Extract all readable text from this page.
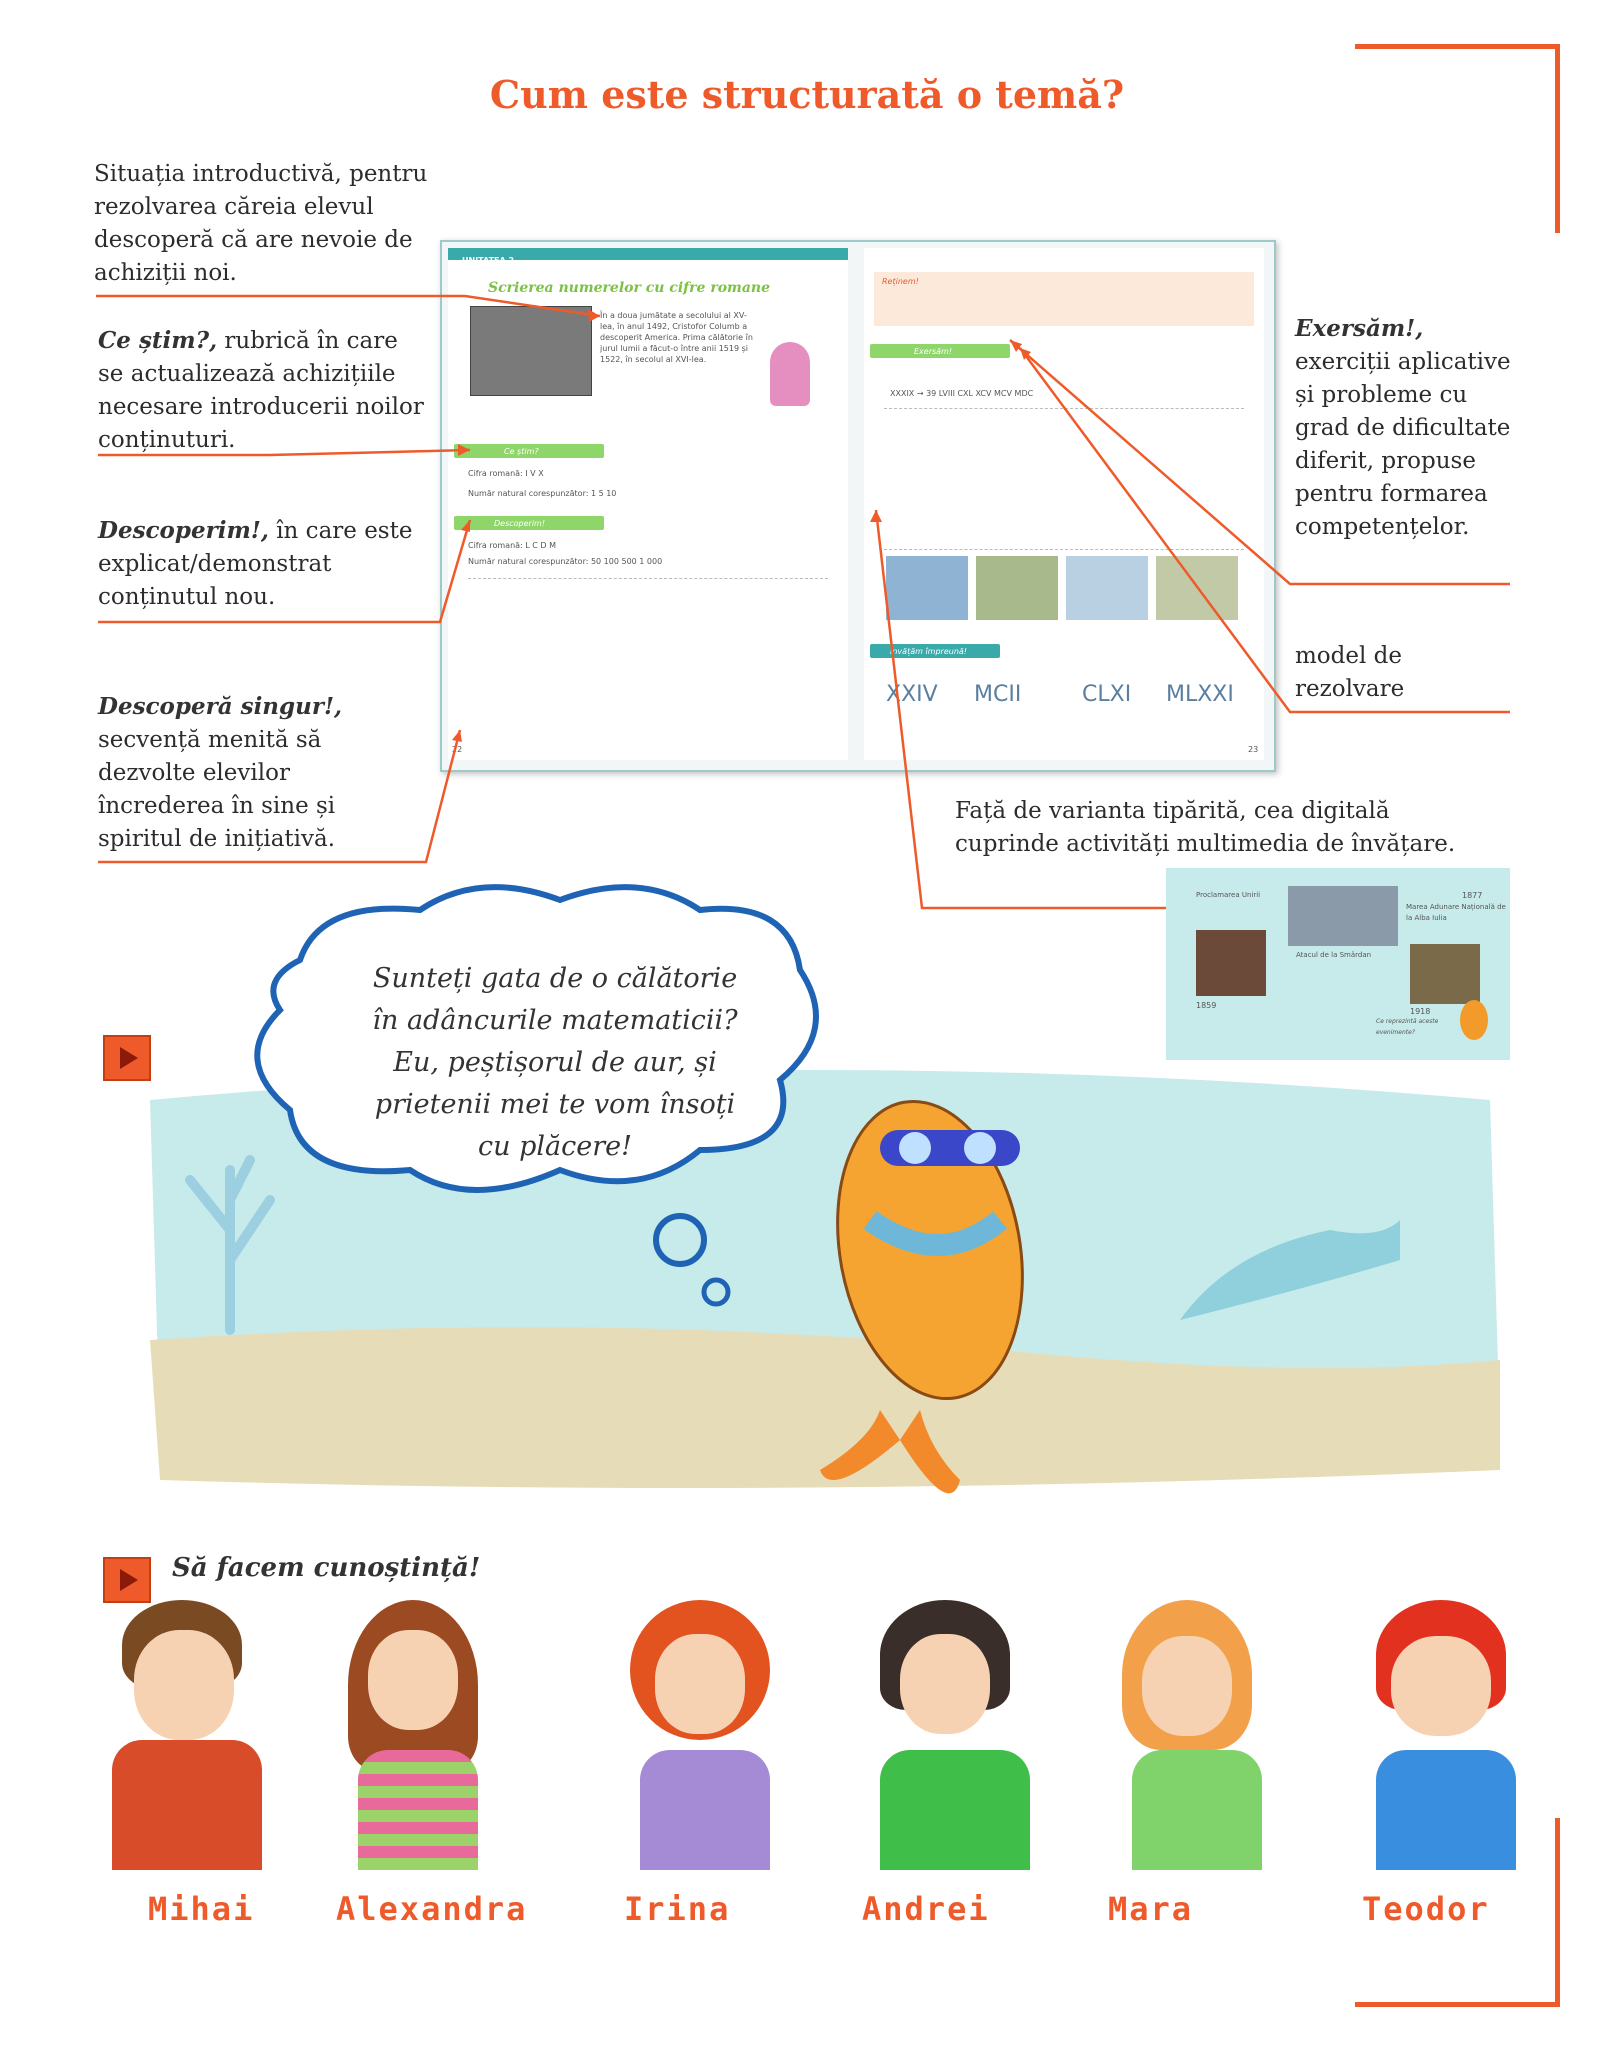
Cum este structurată o temă?
Situația introductivă, pentru rezolvarea căreia elevul descoperă că are nevoie de achiziții noi.
Ce știm?, rubrică în care se actualizează achizițiile necesare introducerii noilor conținuturi.
Descoperim!, în care este explicat/demonstrat conținutul nou.
Descoperă singur!, secvență menită să dezvolte elevilor încrederea în sine și spiritul de inițiativă.
Exersăm!, exerciții aplicative și probleme cu grad de dificultate diferit, propuse pentru formarea competențelor.
model de rezolvare
Față de varianta tipărită, cea digitală cuprinde activități multimedia de învățare.
UNITATEA 2
Scrierea numerelor cu cifre romane
În a doua jumătate a secolului al XV-lea, în anul 1492, Cristofor Columb a descoperit America. Prima călătorie în jurul lumii a făcut-o între anii 1519 și 1522, în secolul al XVI-lea.
Ce știm?
Cifra romană: I V X
Număr natural corespunzător: 1 5 10
Descoperim!
Cifra romană: L C D M
Număr natural corespunzător: 50 100 500 1 000
22
Reținem!
Exersăm!
XXXIX → 39 LVIII CXL XCV MCV MDC
Învățăm împreună!
XXIV MCII	CLXI MLXXI
23
Proclamarea Unirii
Marea Adunare Națională de la Alba Iulia
Atacul de la Smârdan
1859
1877
1918
Ce reprezintă aceste evenimente?
Sunteți gata de o călătorie în adâncurile matematicii? Eu, peștișorul de aur, și prietenii mei te vom însoți cu plăcere!
Să facem cunoștință!
Mihai	Alexandra	Irina	Andrei	Mara	Teodor
